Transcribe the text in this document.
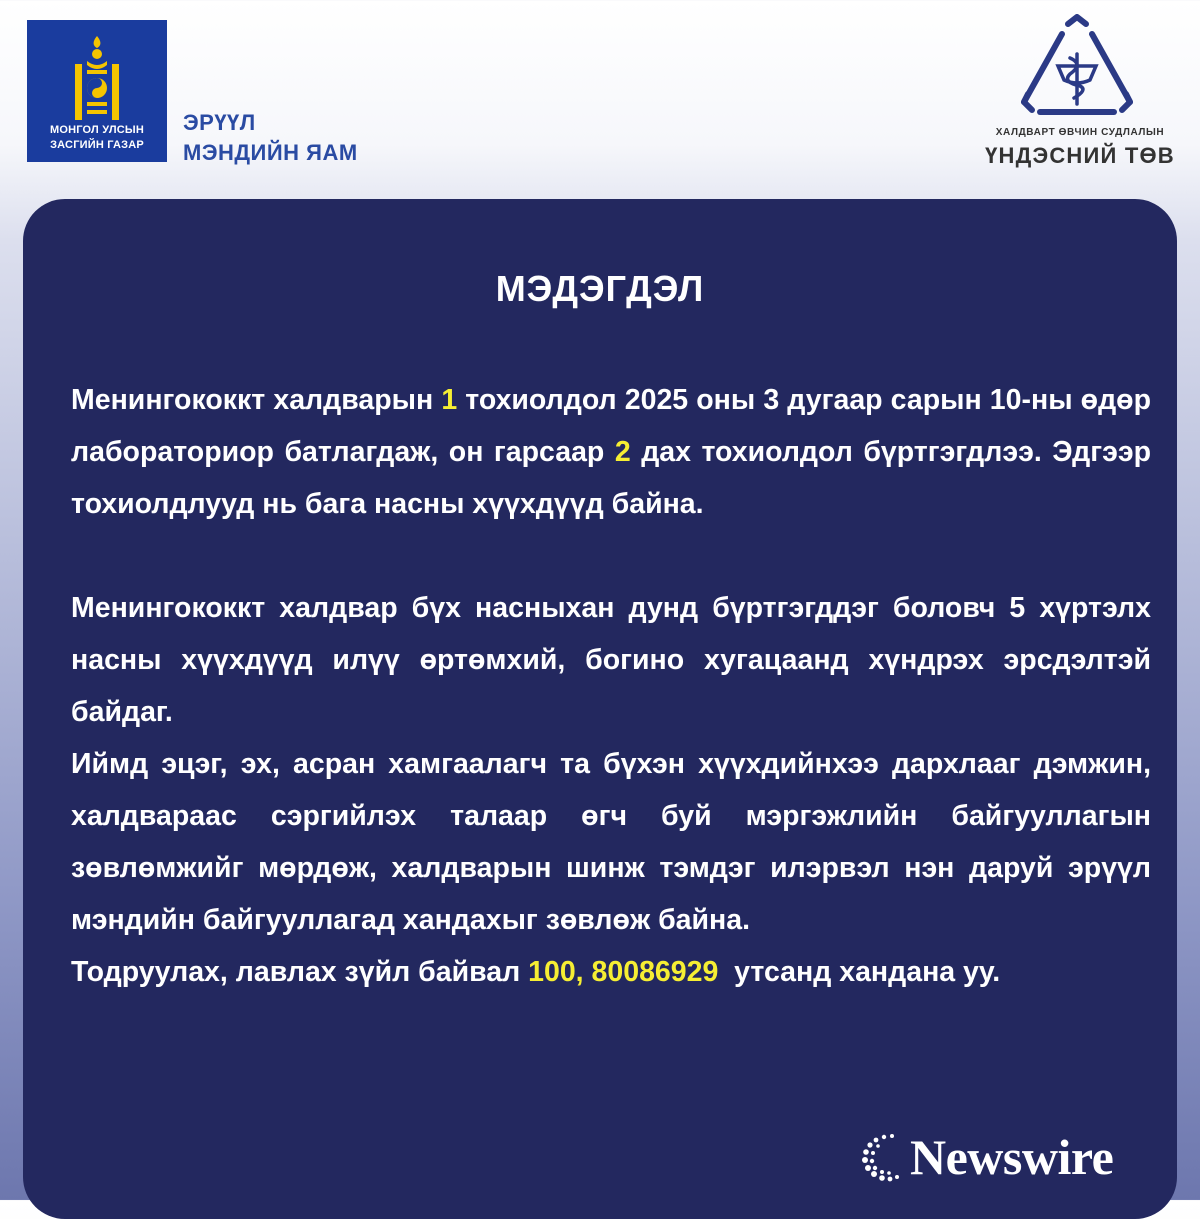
МОНГОЛ УЛСЫН
ЗАСГИЙН ГАЗАР
ЭРҮҮЛ
МЭНДИЙН ЯАМ
ХАЛДВАРТ ӨВЧИН СУДЛАЛЫН
ҮНДЭСНИЙ ТӨВ
МЭДЭГДЭЛ

Менингококкт халдварын 1 тохиолдол 2025 оны 3 дугаар сарын 10-ны өдөр лабораториор батлагдаж, он гарсаар 2 дах тохиолдол бүртгэгдлээ. Эдгээр тохиолдлууд нь бага насны хүүхдүүд байна.

Менингококкт халдвар бүх насныхан дунд бүртгэгддэг боловч 5 хүртэлх насны хүүхдүүд илүү өртөмхий, богино хугацаанд хүндрэх эрсдэлтэй байдаг.

Иймд эцэг, эх, асран хамгаалагч та бүхэн хүүхдийнхээ дархлааг дэмжин, халдвараас сэргийлэх талаар өгч буй мэргэжлийн байгууллагын зөвлөмжийг мөрдөж, халдварын шинж тэмдэг илэрвэл нэн даруй эрүүл мэндийн байгууллагад хандахыг зөвлөж байна.

Тодруулах, лавлах зүйл байвал 100, 80086929  утсанд хандана уу.

Newswire
